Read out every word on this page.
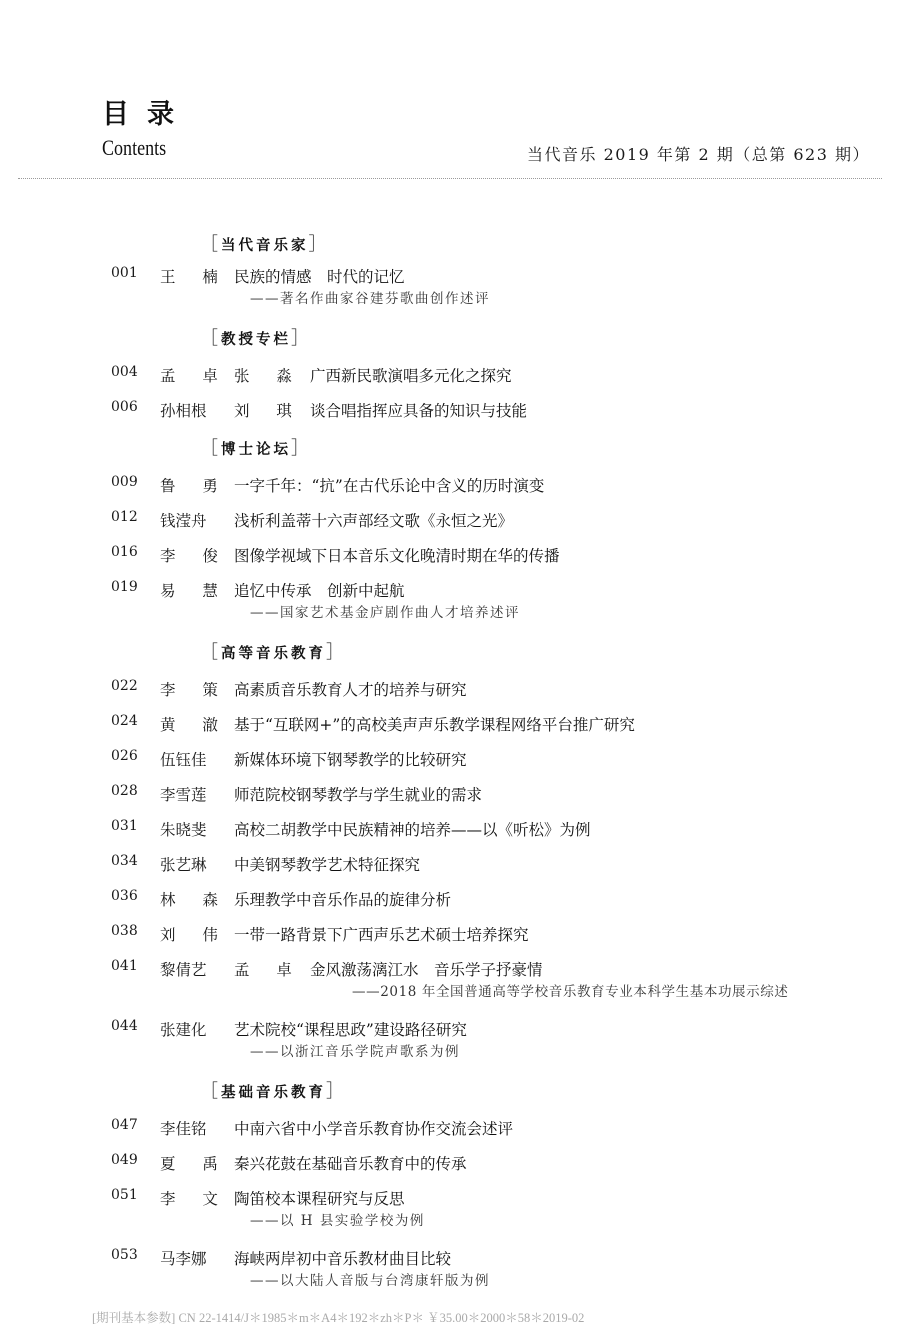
目录
Contents	当代音乐 2019 年第 2 期（总第 623 期）
［当代音乐家］
001 王 楠 民族的情感　时代的记忆
——著名作曲家谷建芬歌曲创作述评
［教授专栏］
004 孟 卓 张 淼 广西新民歌演唱多元化之探究
006 孙相根	刘 琪 谈合唱指挥应具备的知识与技能
［博士论坛］
009 鲁 勇 一字千年：“抗”在古代乐论中含义的历时演变
012 钱滢舟	浅析利盖蒂十六声部经文歌《永恒之光》
016 李 俊 图像学视域下日本音乐文化晚清时期在华的传播
019 易 慧 追忆中传承　创新中起航
——国家艺术基金庐剧作曲人才培养述评
［高等音乐教育］
022 李 策 高素质音乐教育人才的培养与研究
024 黄 澈 基于“互联网+”的高校美声声乐教学课程网络平台推广研究
026 伍钰佳	新媒体环境下钢琴教学的比较研究
028 李雪莲	师范院校钢琴教学与学生就业的需求
031 朱晓斐	高校二胡教学中民族精神的培养——以《听松》为例
034 张艺琳	中美钢琴教学艺术特征探究
036 林 森 乐理教学中音乐作品的旋律分析
038 刘 伟 一带一路背景下广西声乐艺术硕士培养探究
041 黎倩艺	孟 卓 金风激荡漓江水　音乐学子抒豪情
——2018 年全国普通高等学校音乐教育专业本科学生基本功展示综述
044 张建化	艺术院校“课程思政”建设路径研究
——以浙江音乐学院声歌系为例
［基础音乐教育］
047 李佳铭	中南六省中小学音乐教育协作交流会述评
049 夏 禹 秦兴花鼓在基础音乐教育中的传承
051 李 文 陶笛校本课程研究与反思
——以 H 县实验学校为例
053 马李娜	海峡两岸初中音乐教材曲目比较
——以大陆人音版与台湾康轩版为例
[期刊基本参数] CN 22-1414/J＊1985＊m＊A4＊192＊zh＊P＊ ￥35.00＊2000＊58＊2019-02
